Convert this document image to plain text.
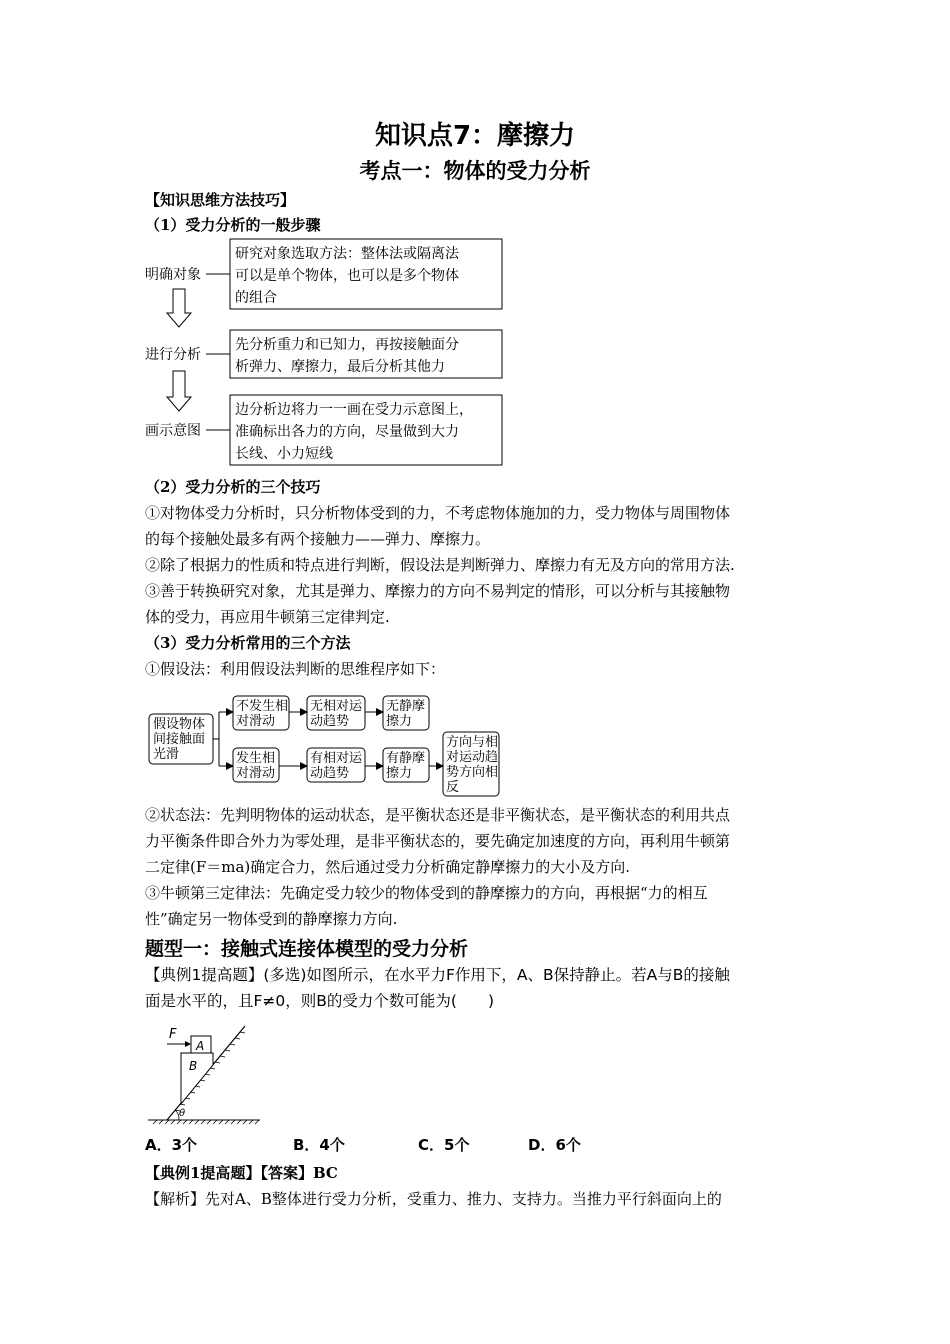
知识点7：摩擦力
考点一：物体的受力分析
【知识思维方法技巧】
（1）受力分析的一般步骤
明确对象
研究对象选取方法：整体法或隔离法
可以是单个物体，也可以是多个物体
的组合
进行分析
先分析重力和已知力，再按接触面分
析弹力、摩擦力，最后分析其他力
画示意图
边分析边将力一一画在受力示意图上，
准确标出各力的方向，尽量做到大力
长线、小力短线
（2）受力分析的三个技巧
①对物体受力分析时，只分析物体受到的力，不考虑物体施加的力，受力物体与周围物体
的每个接触处最多有两个接触力——弹力、摩擦力。
②除了根据力的性质和特点进行判断，假设法是判断弹力、摩擦力有无及方向的常用方法.
③善于转换研究对象，尤其是弹力、摩擦力的方向不易判定的情形，可以分析与其接触物
体的受力，再应用牛顿第三定律判定.
（3）受力分析常用的三个方法
①假设法：利用假设法判断的思维程序如下：
假设物体
间接触面
光滑
不发生相
对滑动
无相对运
动趋势
无静摩
擦力
发生相
对滑动
有相对运
动趋势
有静摩
擦力
方向与相
对运动趋
势方向相
反
②状态法：先判明物体的运动状态，是平衡状态还是非平衡状态，是平衡状态的利用共点
力平衡条件即合外力为零处理，是非平衡状态的，要先确定加速度的方向，再利用牛顿第
二定律(F＝ma)确定合力，然后通过受力分析确定静摩擦力的大小及方向.
③牛顿第三定律法：先确定受力较少的物体受到的静摩擦力的方向，再根据“力的相互
性”确定另一物体受到的静摩擦力方向.
题型一：接触式连接体模型的受力分析
【典例1提高题】(多选)如图所示，在水平力F作用下，A、B保持静止。若A与B的接触
面是水平的，且F≠0，则B的受力个数可能为(　　)
F
A
B
θ
A．3个	B．4个	C．5个	D．6个
【典例1提高题】【答案】BC
【解析】先对A、B整体进行受力分析，受重力、推力、支持力。当推力平行斜面向上的
